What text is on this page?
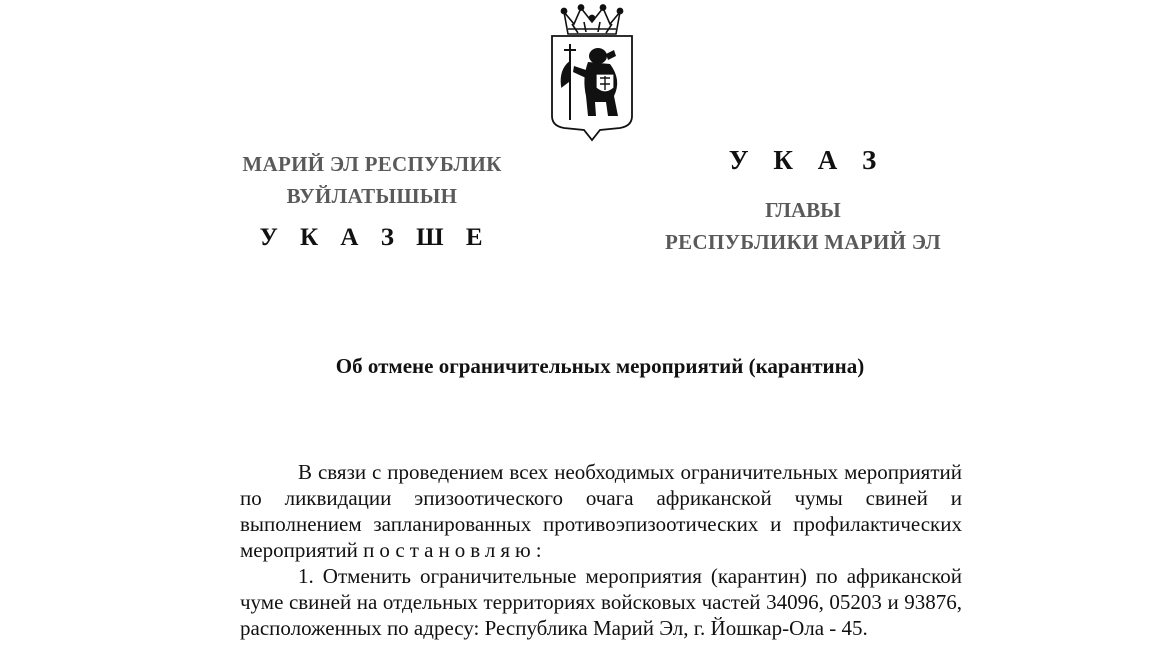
МАРИЙ ЭЛ РЕСПУБЛИК
ВУЙЛАТЫШЫН
У К А З Ш Е
У К А З
ГЛАВЫ
РЕСПУБЛИКИ МАРИЙ ЭЛ
Об отмене ограничительных мероприятий (карантина)

В связи с проведением всех необходимых ограничительных мероприятий по ликвидации эпизоотического очага африканской чумы свиней и выполнением запланированных противоэпизоотических и профилактических мероприятий постановляю:

1. Отменить ограничительные мероприятия (карантин) по африканской чуме свиней на отдельных территориях войсковых частей 34096, 05203 и 93876, расположенных по адресу: Республика Марий Эл, г. Йошкар-Ола - 45.
